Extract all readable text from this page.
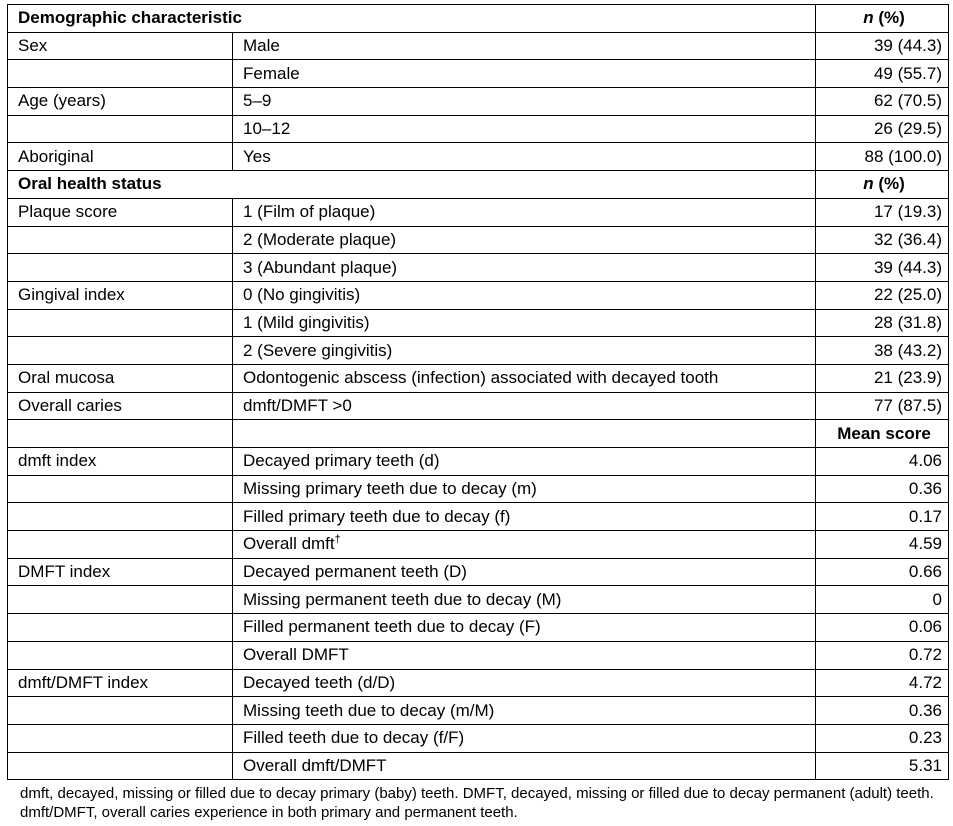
Demographic characteristic		n (%)
Sex	Male	39 (44.3)
	Female	49 (55.7)
Age (years)	5–9	62 (70.5)
	10–12	26 (29.5)
Aboriginal	Yes	88 (100.0)
Oral health status		n (%)
Plaque score	1 (Film of plaque)	17 (19.3)
	2 (Moderate plaque)	32 (36.4)
	3 (Abundant plaque)	39 (44.3)
Gingival index	0 (No gingivitis)	22 (25.0)
	1 (Mild gingivitis)	28 (31.8)
	2 (Severe gingivitis)	38 (43.2)
Oral mucosa	Odontogenic abscess (infection) associated with decayed tooth	21 (23.9)
Overall caries	dmft/DMFT >0	77 (87.5)
		Mean score
dmft index	Decayed primary teeth (d)	4.06
	Missing primary teeth due to decay (m)	0.36
	Filled primary teeth due to decay (f)	0.17
	Overall dmft†	4.59
DMFT index	Decayed permanent teeth (D)	0.66
	Missing permanent teeth due to decay (M)	0
	Filled permanent teeth due to decay (F)	0.06
	Overall DMFT	0.72
dmft/DMFT index	Decayed teeth (d/D)	4.72
	Missing teeth due to decay (m/M)	0.36
	Filled teeth due to decay (f/F)	0.23
	Overall dmft/DMFT	5.31
dmft, decayed, missing or filled due to decay primary (baby) teeth. DMFT, decayed, missing or filled due to decay permanent (adult) teeth. dmft/DMFT, overall caries experience in both primary and permanent teeth.
